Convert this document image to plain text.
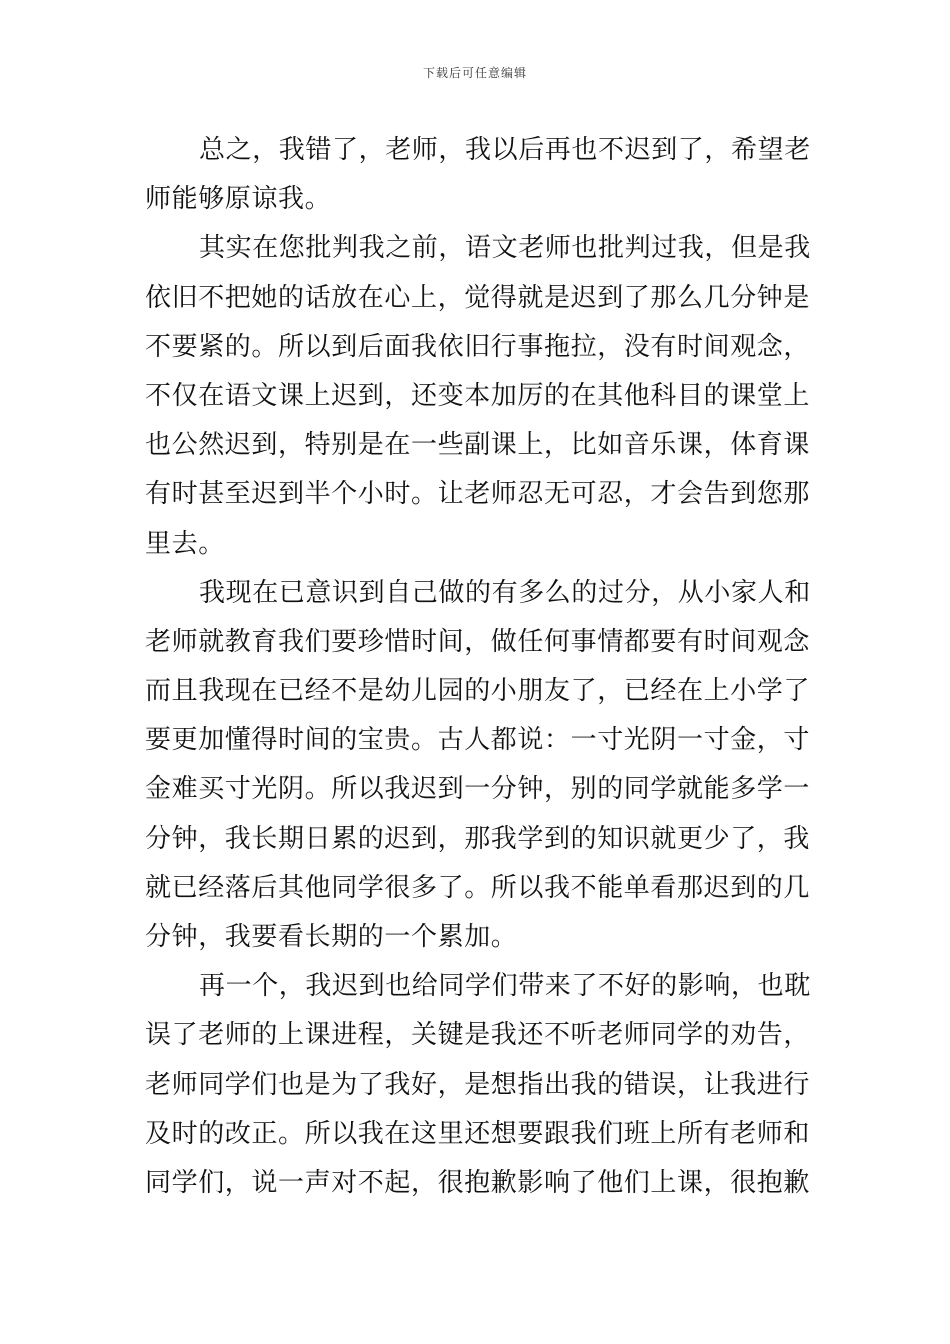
下载后可任意编辑
总之，我错了，老师，我以后再也不迟到了，希望老
师能够原谅我。
其实在您批判我之前，语文老师也批判过我，但是我
依旧不把她的话放在心上，觉得就是迟到了那么几分钟是
不要紧的。所以到后面我依旧行事拖拉，没有时间观念，
不仅在语文课上迟到，还变本加厉的在其他科目的课堂上
也公然迟到，特别是在一些副课上，比如音乐课，体育课
有时甚至迟到半个小时。让老师忍无可忍，才会告到您那
里去。
我现在已意识到自己做的有多么的过分，从小家人和
老师就教育我们要珍惜时间，做任何事情都要有时间观念
而且我现在已经不是幼儿园的小朋友了，已经在上小学了
要更加懂得时间的宝贵。古人都说：一寸光阴一寸金，寸
金难买寸光阴。所以我迟到一分钟，别的同学就能多学一
分钟，我长期日累的迟到，那我学到的知识就更少了，我
就已经落后其他同学很多了。所以我不能单看那迟到的几
分钟，我要看长期的一个累加。
再一个，我迟到也给同学们带来了不好的影响，也耽
误了老师的上课进程，关键是我还不听老师同学的劝告，
老师同学们也是为了我好，是想指出我的错误，让我进行
及时的改正。所以我在这里还想要跟我们班上所有老师和
同学们，说一声对不起，很抱歉影响了他们上课，很抱歉
